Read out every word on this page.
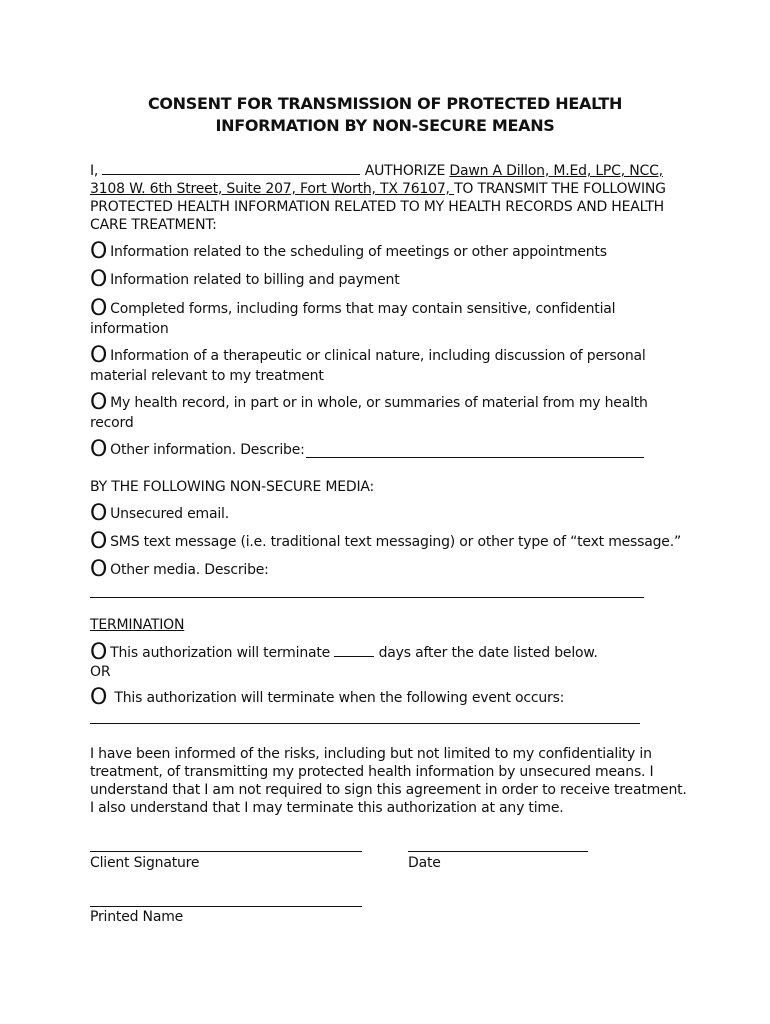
CONSENT FOR TRANSMISSION OF PROTECTED HEALTH
INFORMATION BY NON-SECURE MEANS
I,	AUTHORIZE Dawn A Dillon, M.Ed, LPC, NCC,
3108 W. 6th Street, Suite 207, Fort Worth, TX 76107, TO TRANSMIT THE FOLLOWING
PROTECTED HEALTH INFORMATION RELATED TO MY HEALTH RECORDS AND HEALTH
CARE TREATMENT:
O Information related to the scheduling of meetings or other appointments
O Information related to billing and payment
O Completed forms, including forms that may contain sensitive, confidential
information
O Information of a therapeutic or clinical nature, including discussion of personal
material relevant to my treatment
O My health record, in part or in whole, or summaries of material from my health
record
O Other information. Describe:
BY THE FOLLOWING NON-SECURE MEDIA:
O Unsecured email.
OSMS text message (i.e. traditional text messaging) or other type of “text message.”
O Other media. Describe:
TERMINATION
O This authorization will terminate	days after the date listed below.
OR
O This authorization will terminate when the following event occurs:
I have been informed of the risks, including but not limited to my confidentiality in
treatment, of transmitting my protected health information by unsecured means. I
understand that I am not required to sign this agreement in order to receive treatment.
I also understand that I may terminate this authorization at any time.
Client Signature	Date
Printed Name
